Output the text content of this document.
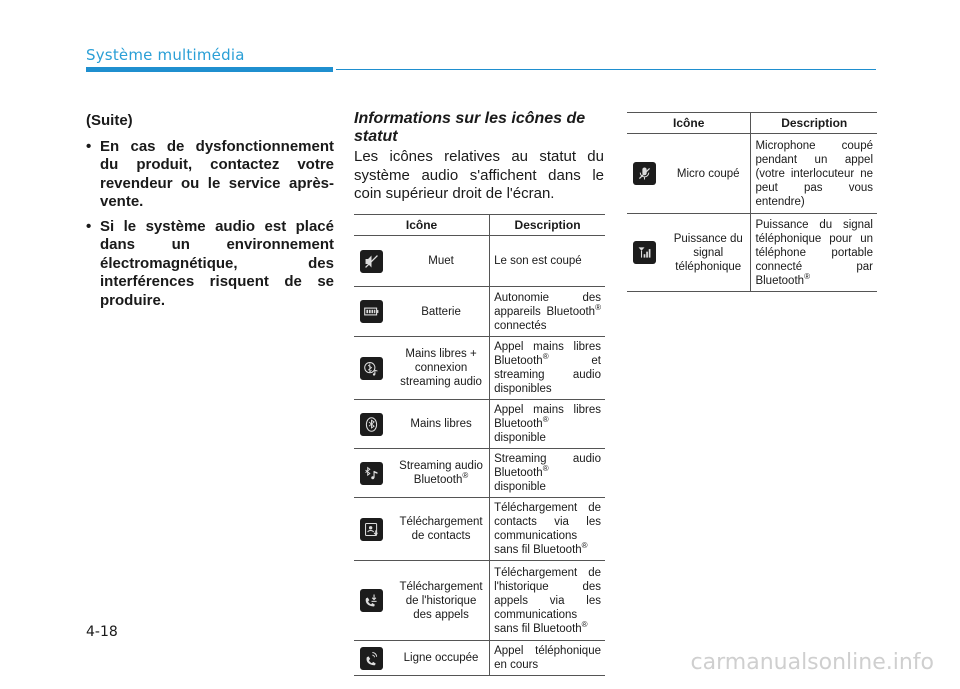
Système multimédia
(Suite)
• En cas de dysfonctionnement du produit, contactez votre revendeur ou le service après-vente.
• Si le système audio est placé dans un environnement électromagnétique, des interférences risquent de se produire.
Informations sur les icônes de statut
Les icônes relatives au statut du système audio s'affichent dans le coin supérieur droit de l'écran.
Icône		Description

	Muet	Le son est coupé

	Batterie	Autonomie des appareils Bluetooth® connectés

	Mains libres + connexion streaming audio	Appel mains libres Bluetooth® et streaming audio disponibles

	Mains libres	Appel mains libres Bluetooth® disponible

	Streaming audio Bluetooth®	Streaming audio Bluetooth® disponible

	Téléchargement de contacts	Téléchargement de contacts via les communications sans fil Bluetooth®

	Téléchargement de l'historique des appels	Téléchargement de l'historique des appels via les communications sans fil Bluetooth®

	Ligne occupée	Appel téléphonique en cours
Icône		Description

	Micro coupé	Microphone coupé pendant un appel (votre interlocuteur ne peut pas vous entendre)

	Puissance du signal téléphonique	Puissance du signal téléphonique pour un téléphone portable connecté par Bluetooth®
4-18
carmanualsonline.info
